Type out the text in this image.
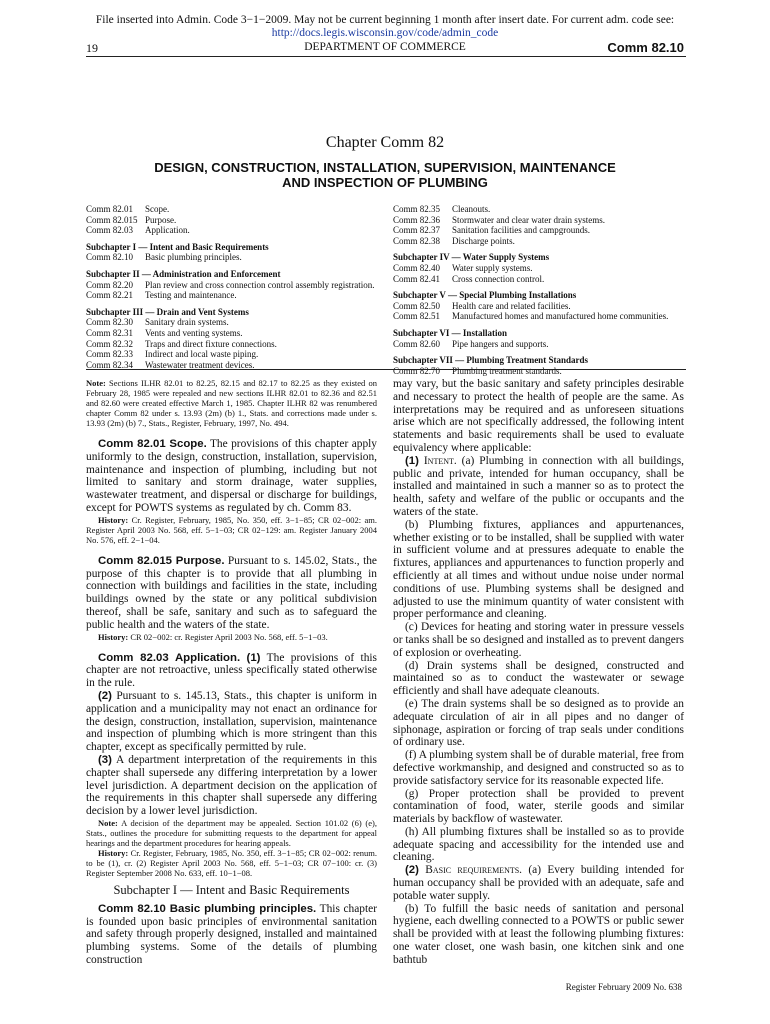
File inserted into Admin. Code 3−1−2009. May not be current beginning 1 month after insert date. For current adm. code see:
http://docs.legis.wisconsin.gov/code/admin_code
19	DEPARTMENT OF COMMERCE	Comm 82.10
Chapter Comm 82
DESIGN, CONSTRUCTION, INSTALLATION, SUPERVISION, MAINTENANCE
AND INSPECTION OF PLUMBING
Comm 82.01	Scope.
Comm 82.015 Purpose.
Comm 82.03	Application.
Subchapter I — Intent and Basic Requirements
Comm 82.10	Basic plumbing principles.
Subchapter II — Administration and Enforcement
Comm 82.20	Plan review and cross connection control assembly registration.
Comm 82.21	Testing and maintenance.
Subchapter III — Drain and Vent Systems
Comm 82.30	Sanitary drain systems.
Comm 82.31	Vents and venting systems.
Comm 82.32	Traps and direct fixture connections.
Comm 82.33	Indirect and local waste piping.
Comm 82.34	Wastewater treatment devices.
Comm 82.35	Cleanouts.
Comm 82.36	Stormwater and clear water drain systems.
Comm 82.37	Sanitation facilities and campgrounds.
Comm 82.38	Discharge points.
Subchapter IV — Water Supply Systems
Comm 82.40	Water supply systems.
Comm 82.41	Cross connection control.
Subchapter V — Special Plumbing Installations
Comm 82.50	Health care and related facilities.
Comm 82.51	Manufactured homes and manufactured home communities.
Subchapter VI — Installation
Comm 82.60	Pipe hangers and supports.
Subchapter VII — Plumbing Treatment Standards
Comm 82.70	Plumbing treatment standards.

Note: Sections ILHR 82.01 to 82.25, 82.15 and 82.17 to 82.25 as they existed on February 28, 1985 were repealed and new sections ILHR 82.01 to 82.36 and 82.51 and 82.60 were created effective March 1, 1985. Chapter ILHR 82 was renumbered chapter Comm 82 under s. 13.93 (2m) (b) 1., Stats. and corrections made under s. 13.93 (2m) (b) 7., Stats., Register, February, 1997, No. 494.

Comm 82.01 Scope. The provisions of this chapter apply uniformly to the design, construction, installation, supervision, maintenance and inspection of plumbing, including but not limited to sanitary and storm drainage, water supplies, wastewater treatment, and dispersal or discharge for buildings, except for POWTS systems as regulated by ch. Comm 83.

History: Cr. Register, February, 1985, No. 350, eff. 3−1−85; CR 02−002: am. Register April 2003 No. 568, eff. 5−1−03; CR 02−129: am. Register January 2004 No. 576, eff. 2−1−04.

Comm 82.015 Purpose. Pursuant to s. 145.02, Stats., the purpose of this chapter is to provide that all plumbing in connection with buildings and facilities in the state, including buildings owned by the state or any political subdivision thereof, shall be safe, sanitary and such as to safeguard the public health and the waters of the state.

History: CR 02−002: cr. Register April 2003 No. 568, eff. 5−1−03.

Comm 82.03 Application. (1) The provisions of this chapter are not retroactive, unless specifically stated otherwise in the rule.

(2) Pursuant to s. 145.13, Stats., this chapter is uniform in application and a municipality may not enact an ordinance for the design, construction, installation, supervision, maintenance and inspection of plumbing which is more stringent than this chapter, except as specifically permitted by rule.

(3) A department interpretation of the requirements in this chapter shall supersede any differing interpretation by a lower level jurisdiction. A department decision on the application of the requirements in this chapter shall supersede any differing decision by a lower level jurisdiction.

Note: A decision of the department may be appealed. Section 101.02 (6) (e), Stats., outlines the procedure for submitting requests to the department for appeal hearings and the department procedures for hearing appeals.

History: Cr. Register, February, 1985, No. 350, eff. 3−1−85; CR 02−002: renum. to be (1), cr. (2) Register April 2003 No. 568, eff. 5−1−03; CR 07−100: cr. (3) Register September 2008 No. 633, eff. 10−1−08.

Subchapter I — Intent and Basic Requirements

Comm 82.10 Basic plumbing principles. This chapter is founded upon basic principles of environmental sanitation and safety through properly designed, installed and maintained plumbing systems. Some of the details of plumbing construction

may vary, but the basic sanitary and safety principles desirable and necessary to protect the health of people are the same. As interpretations may be required and as unforeseen situations arise which are not specifically addressed, the following intent statements and basic requirements shall be used to evaluate equivalency where applicable:

(1) Intent. (a) Plumbing in connection with all buildings, public and private, intended for human occupancy, shall be installed and maintained in such a manner so as to protect the health, safety and welfare of the public or occupants and the waters of the state.

(b) Plumbing fixtures, appliances and appurtenances, whether existing or to be installed, shall be supplied with water in sufficient volume and at pressures adequate to enable the fixtures, appliances and appurtenances to function properly and efficiently at all times and without undue noise under normal conditions of use. Plumbing systems shall be designed and adjusted to use the minimum quantity of water consistent with proper performance and cleaning.

(c) Devices for heating and storing water in pressure vessels or tanks shall be so designed and installed as to prevent dangers of explosion or overheating.

(d) Drain systems shall be designed, constructed and maintained so as to conduct the wastewater or sewage efficiently and shall have adequate cleanouts.

(e) The drain systems shall be so designed as to provide an adequate circulation of air in all pipes and no danger of siphonage, aspiration or forcing of trap seals under conditions of ordinary use.

(f) A plumbing system shall be of durable material, free from defective workmanship, and designed and constructed so as to provide satisfactory service for its reasonable expected life.

(g) Proper protection shall be provided to prevent contamination of food, water, sterile goods and similar materials by backflow of wastewater.

(h) All plumbing fixtures shall be installed so as to provide adequate spacing and accessibility for the intended use and cleaning.

(2) Basic requirements. (a) Every building intended for human occupancy shall be provided with an adequate, safe and potable water supply.

(b) To fulfill the basic needs of sanitation and personal hygiene, each dwelling connected to a POWTS or public sewer shall be provided with at least the following plumbing fixtures: one water closet, one wash basin, one kitchen sink and one bathtub

Register February 2009 No. 638
